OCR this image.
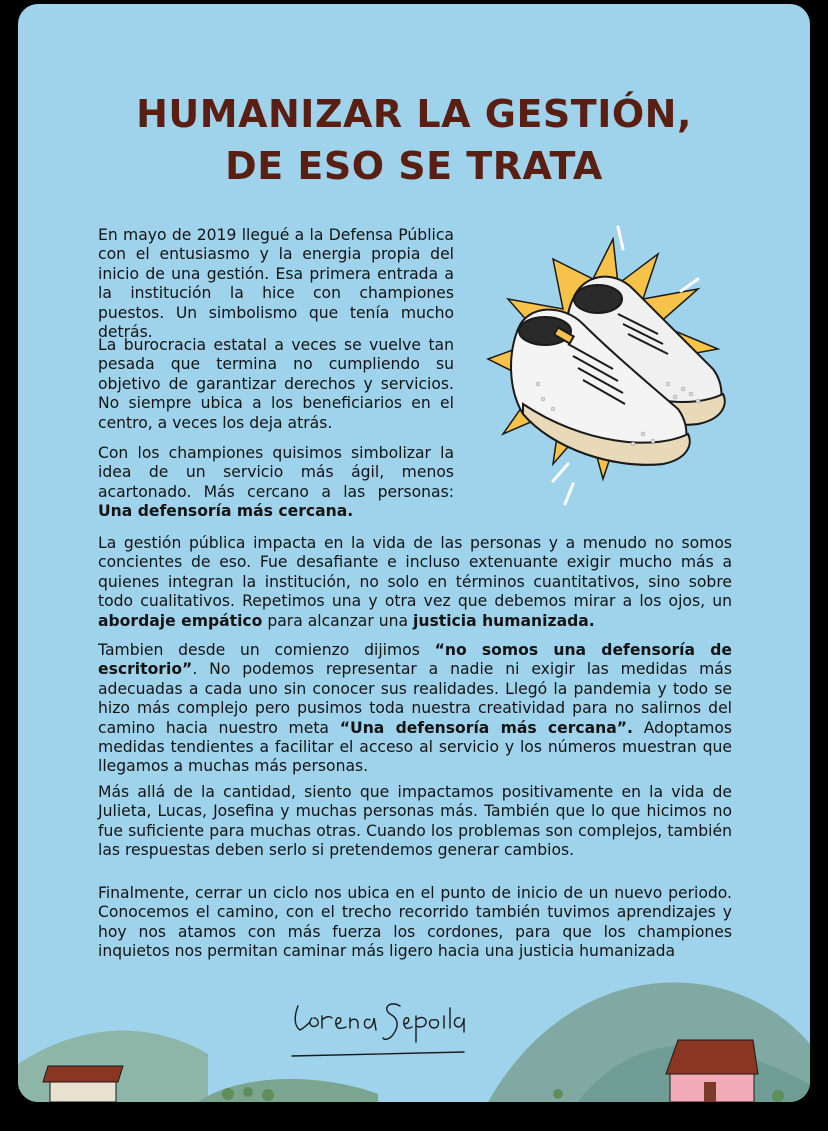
HUMANIZAR LA GESTIÓN,
DE ESO SE TRATA

En mayo de 2019 llegué a la Defensa Pública con el entusiasmo y la energia propia del inicio de una gestión. Esa primera entrada a la institución la hice con championes puestos. Un simbolismo que tenía mucho detrás.

La burocracia estatal a veces se vuelve tan pesada que termina no cumpliendo su objetivo de garantizar derechos y servicios. No siempre ubica a los beneficiarios en el centro, a veces los deja atrás.

Con los championes quisimos simbolizar la idea de un servicio más ágil, menos acartonado. Más cercano a las personas: Una defensoría más cercana.

La gestión pública impacta en la vida de las personas y a menudo no somos concientes de eso. Fue desafiante e incluso extenuante exigir mucho más a quienes integran la institución, no solo en términos cuantitativos, sino sobre todo cualitativos. Repetimos una y otra vez que debemos mirar a los ojos, un abordaje empático para alcanzar una justicia humanizada.

Tambien desde un comienzo dijimos “no somos una defensoría de escritorio”. No podemos representar a nadie ni exigir las medidas más adecuadas a cada uno sin conocer sus realidades. Llegó la pandemia y todo se hizo más complejo pero pusimos toda nuestra creatividad para no salirnos del camino hacia nuestro meta “Una defensoría más cercana”. Adoptamos medidas tendientes a facilitar el acceso al servicio y los números muestran que llegamos a muchas más personas.

Más allá de la cantidad, siento que impactamos positivamente en la vida de Julieta, Lucas, Josefina y muchas personas más. También que lo que hicimos no fue suficiente para muchas otras. Cuando los problemas son complejos, también las respuestas deben serlo si pretendemos generar cambios.

Finalmente, cerrar un ciclo nos ubica en el punto de inicio de un nuevo periodo. Conocemos el camino, con el trecho recorrido también tuvimos aprendizajes y hoy nos atamos con más fuerza los cordones, para que los championes inquietos nos permitan caminar más ligero hacia una justicia humanizada
